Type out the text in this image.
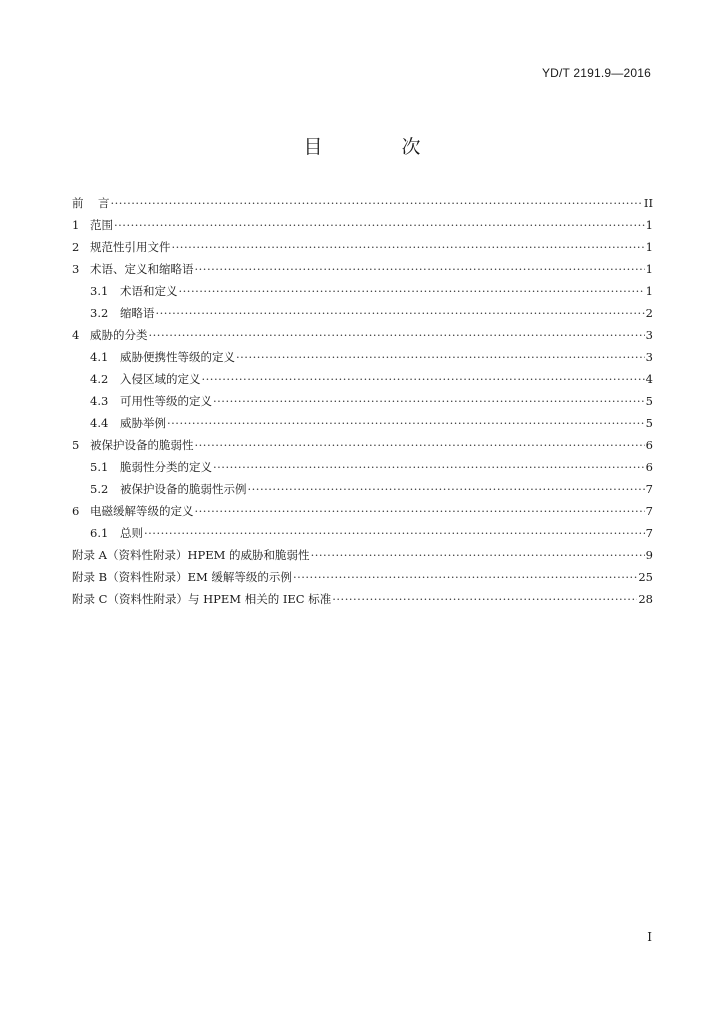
YD/T 2191.9—2016
目　次
前 言 ·····	II
1 范围 ·····	1
2 规范性引用文件 ·····	1
3 术语、定义和缩略语 ·····	1
3.1	术语和定义 ·····	1
3.2	缩略语 ·····	2
4 威胁的分类 ·····	3
4.1	威胁便携性等级的定义 ·····	3
4.2	入侵区域的定义 ·····	4
4.3	可用性等级的定义 ·····	5
4.4	威胁举例 ·····	5
5 被保护设备的脆弱性 ·····	6
5.1	脆弱性分类的定义 ·····	6
5.2	被保护设备的脆弱性示例 ·····	7
6 电磁缓解等级的定义 ·····	7
6.1	总则 ·····	7
附录 A（资料性附录）HPEM 的威胁和脆弱性 ·····	9
附录 B（资料性附录）EM 缓解等级的示例 ·····	25
附录 C（资料性附录）与 HPEM 相关的 IEC 标准 ·····	28
I
